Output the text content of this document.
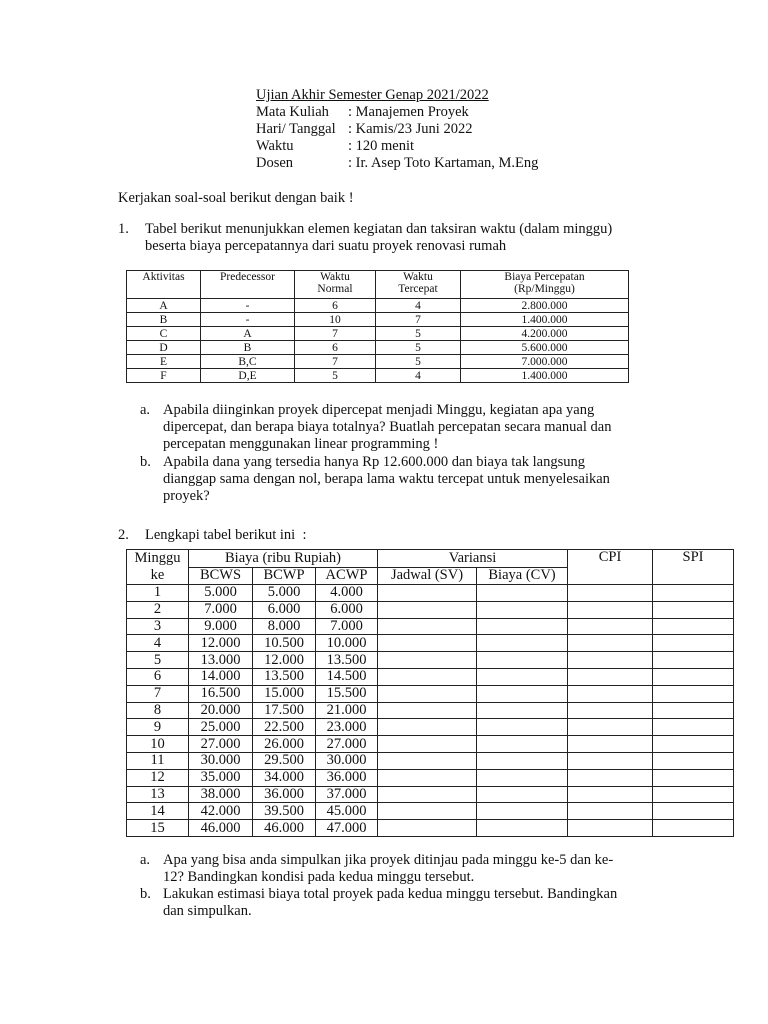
Ujian Akhir Semester Genap 2021/2022
Mata Kuliah	: Manajemen Proyek
Hari/ Tanggal : Kamis/23 Juni 2022
Waktu	: 120 menit
Dosen	: Ir. Asep Toto Kartaman, M.Eng
Kerjakan soal-soal berikut dengan baik !
1. Tabel berikut menunjukkan elemen kegiatan dan taksiran waktu (dalam minggu)
beserta biaya percepatannya dari suatu proyek renovasi rumah
Aktivitas	Predecessor	Waktu Normal	Waktu Tercepat	Biaya Percepatan (Rp/Minggu)

A	-	6	4	2.800.000
B	-	10	7	1.400.000
C	A	7	5	4.200.000
D	B	6	5	5.600.000
E	B,C	7	5	7.000.000
F	D,E	5	4	1.400.000
a. Apabila diinginkan proyek dipercepat menjadi Minggu, kegiatan apa yang
dipercepat, dan berapa biaya totalnya? Buatlah percepatan secara manual dan
percepatan menggunakan linear programming !
b. Apabila dana yang tersedia hanya Rp 12.600.000 dan biaya tak langsung
dianggap sama dengan nol, berapa lama waktu tercepat untuk menyelesaikan
proyek?
2. Lengkapi tabel berikut ini  :
Minggu
ke	Biaya (ribu Rupiah)			Variansi		CPI	SPI
	BCWS	BCWP	ACWP	Jadwal (SV)	Biaya (CV)		
1	5.000	5.000	4.000				
2	7.000	6.000	6.000				
3	9.000	8.000	7.000				
4	12.000	10.500	10.000				
5	13.000	12.000	13.500				
6	14.000	13.500	14.500				
7	16.500	15.000	15.500				
8	20.000	17.500	21.000				
9	25.000	22.500	23.000				
10	27.000	26.000	27.000				
11	30.000	29.500	30.000				
12	35.000	34.000	36.000				
13	38.000	36.000	37.000				
14	42.000	39.500	45.000				
15	46.000	46.000	47.000				
a. Apa yang bisa anda simpulkan jika proyek ditinjau pada minggu ke-5 dan ke-
12? Bandingkan kondisi pada kedua minggu tersebut.
b. Lakukan estimasi biaya total proyek pada kedua minggu tersebut. Bandingkan
dan simpulkan.
